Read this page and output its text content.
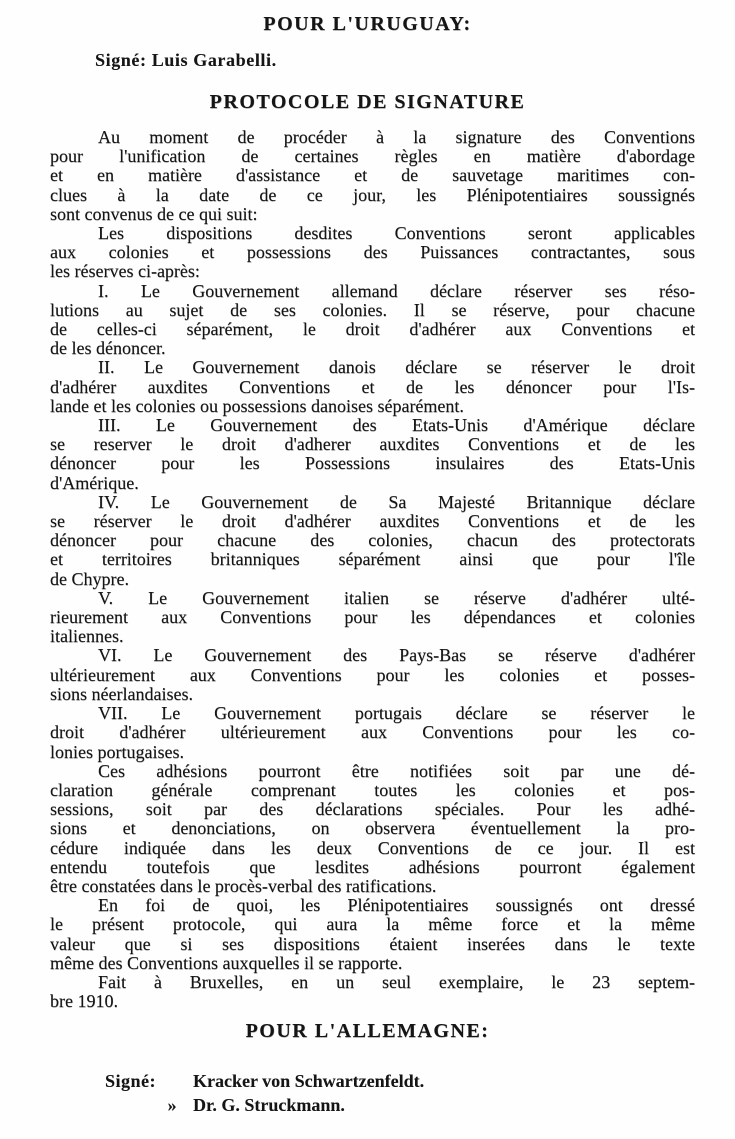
POUR L'URUGUAY:
Signé: Luis Garabelli.
PROTOCOLE DE SIGNATURE
Au moment de procéder à la signature des Conventions
pour l'unification de certaines règles en matière d'abordage
et en matière d'assistance et de sauvetage maritimes con-
clues à la date de ce jour, les Plénipotentiaires soussignés
sont convenus de ce qui suit:
Les dispositions desdites Conventions seront applicables
aux colonies et possessions des Puissances contractantes, sous
les réserves ci-après:
I. Le Gouvernement allemand déclare réserver ses réso-
lutions au sujet de ses colonies. Il se réserve, pour chacune
de celles-ci séparément, le droit d'adhérer aux Conventions et
de les dénoncer.
II. Le Gouvernement danois déclare se réserver le droit
d'adhérer auxdites Conventions et de les dénoncer pour l'Is-
lande et les colonies ou possessions danoises séparément.
III. Le Gouvernement des Etats-Unis d'Amérique déclare
se reserver le droit d'adherer auxdites Conventions et de les
dénoncer pour les Possessions insulaires des Etats-Unis
d'Amérique.
IV. Le Gouvernement de Sa Majesté Britannique déclare
se réserver le droit d'adhérer auxdites Conventions et de les
dénoncer pour chacune des colonies, chacun des protectorats
et territoires britanniques séparément ainsi que pour l'île
de Chypre.
V. Le Gouvernement italien se réserve d'adhérer ulté-
rieurement aux Conventions pour les dépendances et colonies
italiennes.
VI. Le Gouvernement des Pays-Bas se réserve d'adhérer
ultérieurement aux Conventions pour les colonies et posses-
sions néerlandaises.
VII. Le Gouvernement portugais déclare se réserver le
droit d'adhérer ultérieurement aux Conventions pour les co-
lonies portugaises.
Ces adhésions pourront être notifiées soit par une dé-
claration générale comprenant toutes les colonies et pos-
sessions, soit par des déclarations spéciales. Pour les adhé-
sions et denonciations, on observera éventuellement la pro-
cédure indiquée dans les deux Conventions de ce jour. Il est
entendu toutefois que lesdites adhésions pourront également
être constatées dans le procès-verbal des ratifications.
En foi de quoi, les Plénipotentiaires soussignés ont dressé
le présent protocole, qui aura la même force et la même
valeur que si ses dispositions étaient inserées dans le texte
même des Conventions auxquelles il se rapporte.
Fait à Bruxelles, en un seul exemplaire, le 23 septem-
bre 1910.
POUR L'ALLEMAGNE:
Signé:	Kracker von Schwartzenfeldt.
» Dr. G. Struckmann.
